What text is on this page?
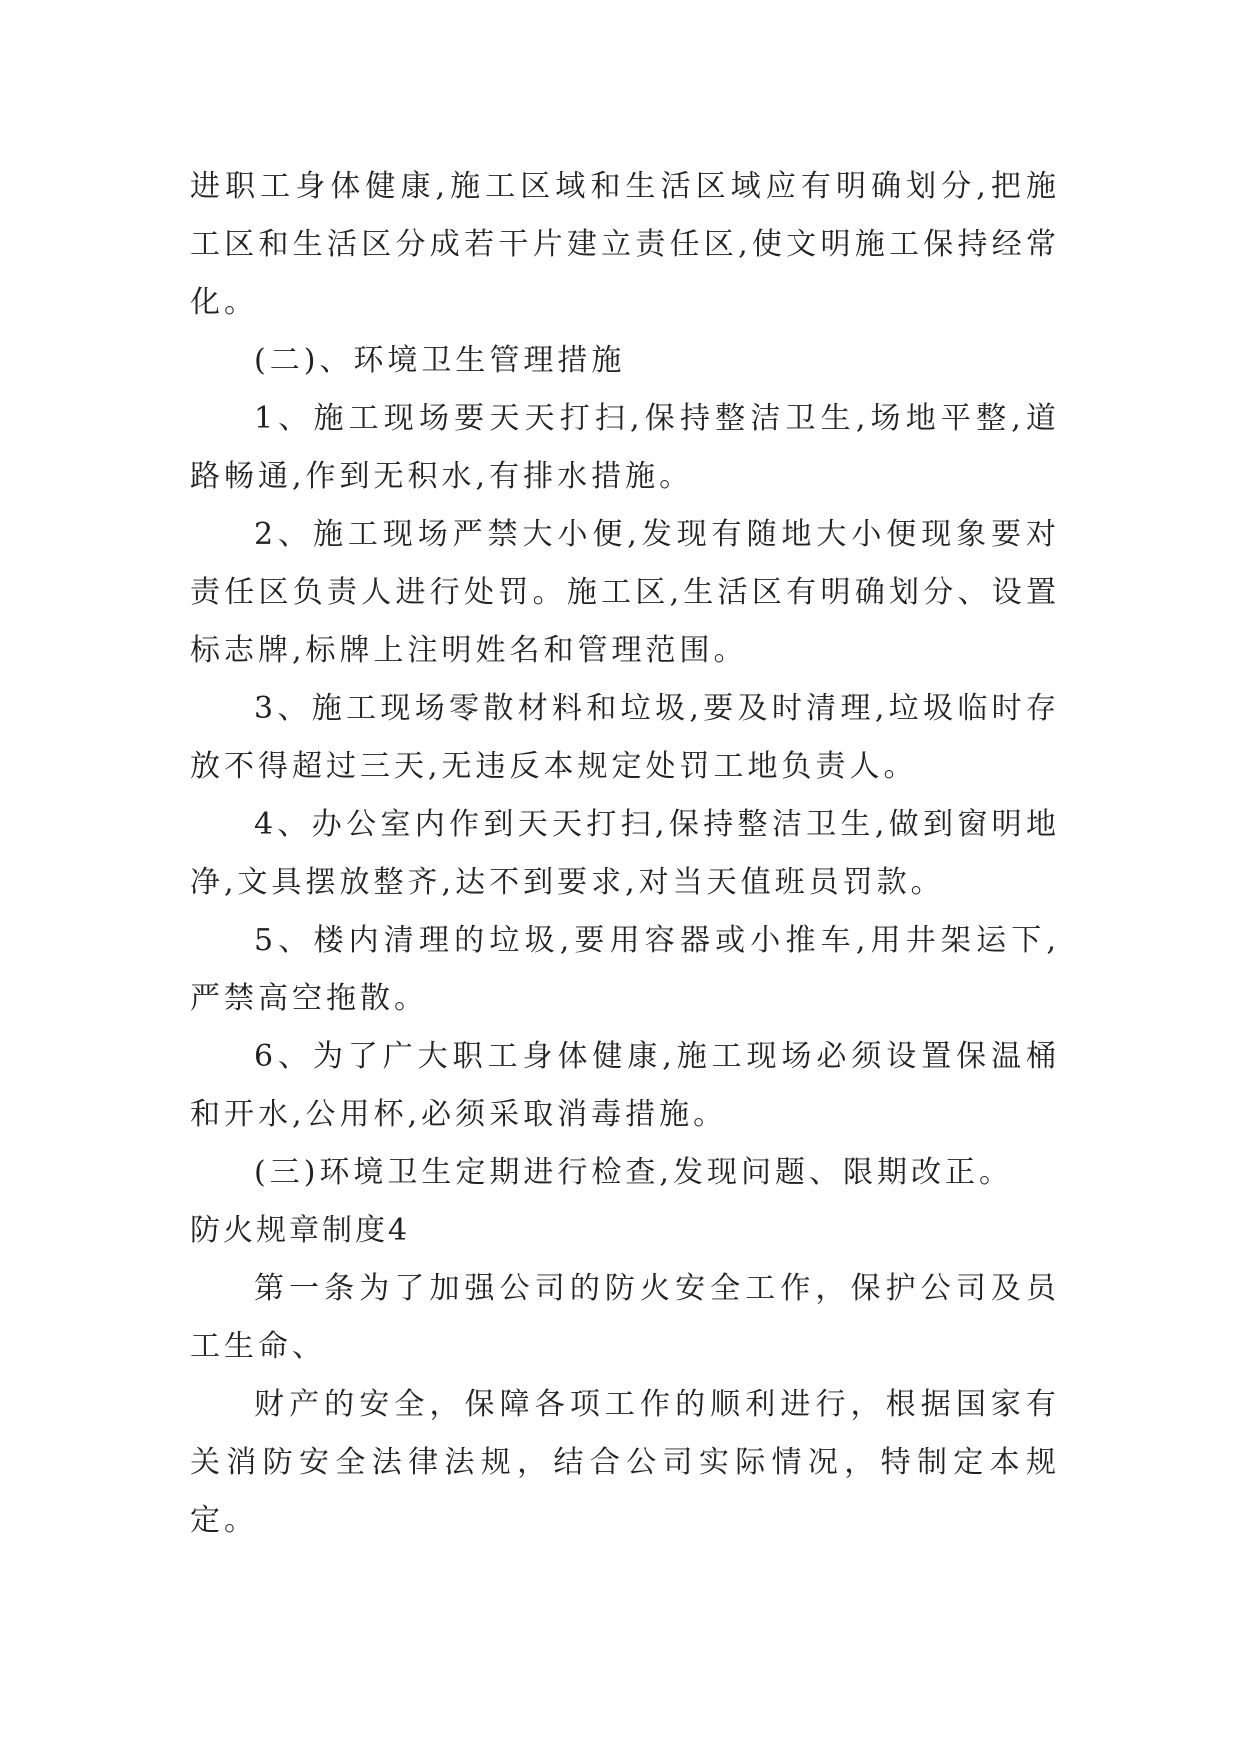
进职工身体健康,施工区域和生活区域应有明确划分,把施工区和生活区分成若干片建立责任区,使文明施工保持经常化。

(二)、环境卫生管理措施

1、施工现场要天天打扫,保持整洁卫生,场地平整,道路畅通,作到无积水,有排水措施。

2、施工现场严禁大小便,发现有随地大小便现象要对责任区负责人进行处罚。施工区,生活区有明确划分、设置标志牌,标牌上注明姓名和管理范围。

3、施工现场零散材料和垃圾,要及时清理,垃圾临时存放不得超过三天,无违反本规定处罚工地负责人。

4、办公室内作到天天打扫,保持整洁卫生,做到窗明地净,文具摆放整齐,达不到要求,对当天值班员罚款。

5、楼内清理的垃圾,要用容器或小推车,用井架运下,严禁高空拖散。

6、为了广大职工身体健康,施工现场必须设置保温桶和开水,公用杯,必须采取消毒措施。

(三)环境卫生定期进行检查,发现问题、限期改正。

防火规章制度4

第一条为了加强公司的防火安全工作，保护公司及员工生命、

财产的安全，保障各项工作的顺利进行，根据国家有关消防安全法律法规，结合公司实际情况，特制定本规定。
